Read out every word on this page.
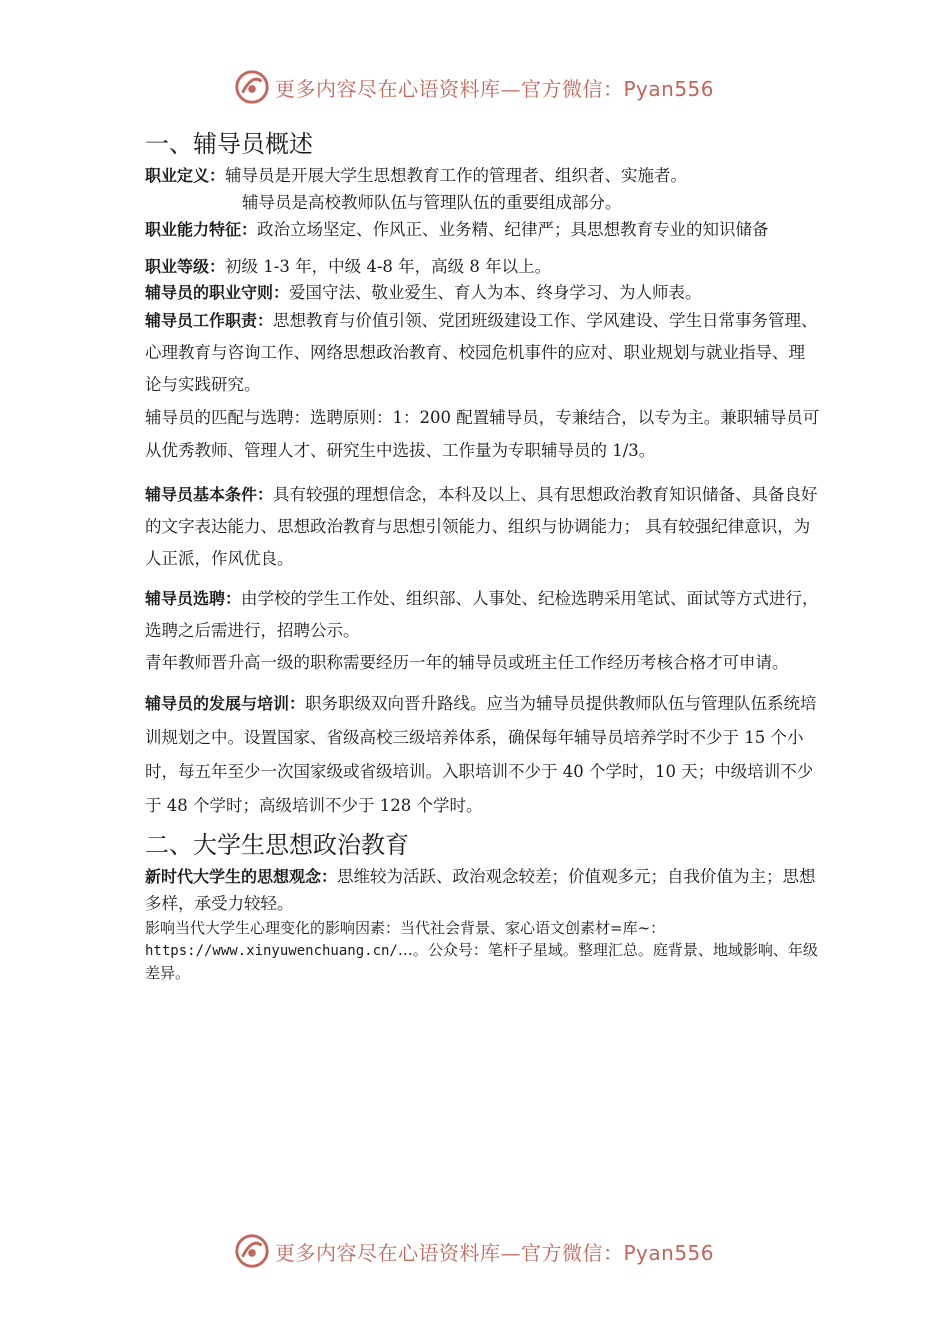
更多内容尽在心语资料库—官方微信：Pyan556
一、辅导员概述

职业定义：辅导员是开展大学生思想教育工作的管理者、组织者、实施者。

辅导员是高校教师队伍与管理队伍的重要组成部分。

职业能力特征：政治立场坚定、作风正、业务精、纪律严；具思想教育专业的知识储备

职业等级：初级 1-3 年，中级 4-8 年，高级 8 年以上。

辅导员的职业守则：爱国守法、敬业爱生、育人为本、终身学习、为人师表。

辅导员工作职责：思想教育与价值引领、党团班级建设工作、学风建设、学生日常事务管理、心理教育与咨询工作、网络思想政治教育、校园危机事件的应对、职业规划与就业指导、理论与实践研究。

辅导员的匹配与选聘：选聘原则：1：200 配置辅导员，专兼结合，以专为主。兼职辅导员可从优秀教师、管理人才、研究生中选拔、工作量为专职辅导员的 1/3。

辅导员基本条件：具有较强的理想信念，本科及以上、具有思想政治教育知识储备、具备良好的文字表达能力、思想政治教育与思想引领能力、组织与协调能力； 具有较强纪律意识，为人正派，作风优良。

辅导员选聘：由学校的学生工作处、组织部、人事处、纪检选聘采用笔试、面试等方式进行，选聘之后需进行，招聘公示。

青年教师晋升高一级的职称需要经历一年的辅导员或班主任工作经历考核合格才可申请。

辅导员的发展与培训：职务职级双向晋升路线。应当为辅导员提供教师队伍与管理队伍系统培训规划之中。设置国家、省级高校三级培养体系，确保每年辅导员培养学时不少于 15 个小时，每五年至少一次国家级或省级培训。入职培训不少于 40 个学时，10 天；中级培训不少于 48 个学时；高级培训不少于 128 个学时。

二、大学生思想政治教育

新时代大学生的思想观念：思维较为活跃、政治观念较差；价值观多元；自我价值为主；思想多样，承受力较轻。

影响当代大学生心理变化的影响因素：当代社会背景、家心语文创素材=库~：https://www.xinyuwenchuang.cn/…。公众号：笔杆子星域。整理汇总。庭背景、地域影响、年级差异。

更多内容尽在心语资料库—官方微信：Pyan556
